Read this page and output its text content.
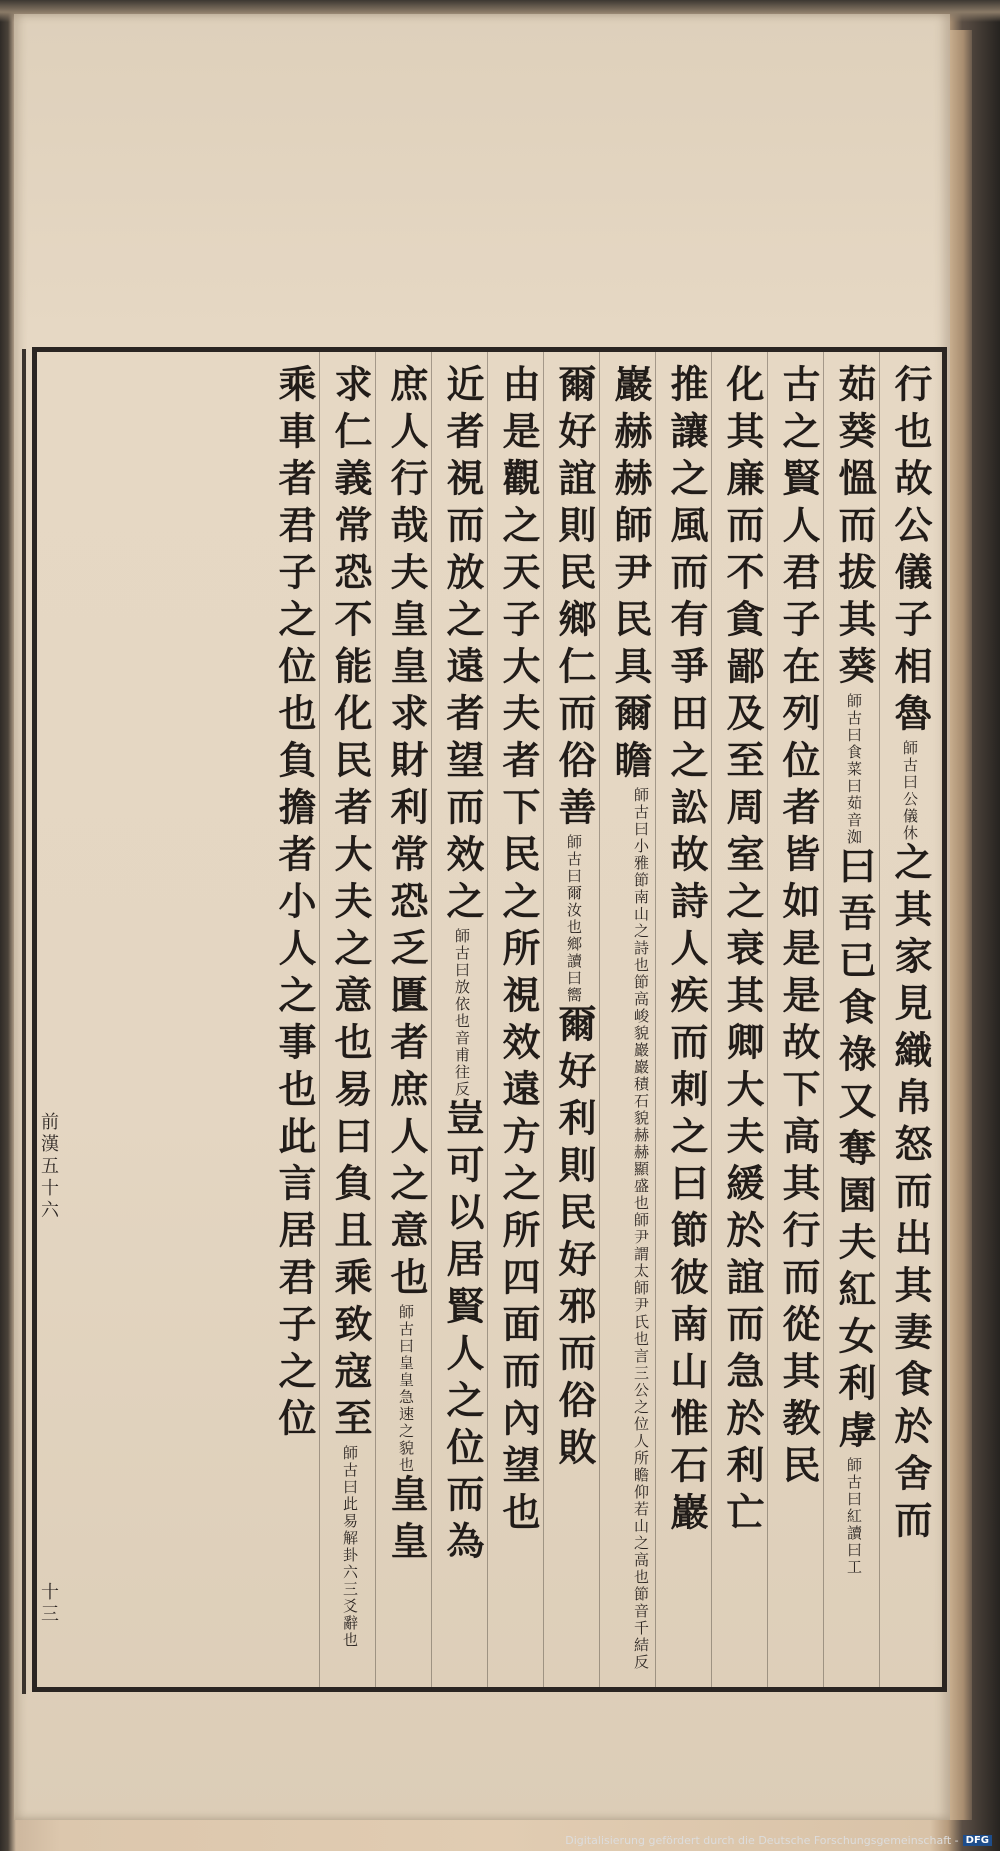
行也故公儀子相魯師古曰公儀休之其家見織帛怒而出其妻食於舍而
茹葵慍而拔其葵師古曰食菜曰茹音洳曰吾已食祿又奪園夫紅女利虖師古曰紅讀曰工
古之賢人君子在列位者皆如是是故下高其行而從其教民
化其廉而不貪鄙及至周室之衰其卿大夫緩於誼而急於利亡
推讓之風而有爭田之訟故詩人疾而刺之曰節彼南山惟石巖
巖赫赫師尹民具爾瞻師古曰小雅節南山之詩也節高峻貌巖巖積石貌赫赫顯盛也師尹謂太師尹氏也言三公之位人所瞻仰若山之高也節音千結反
爾好誼則民鄉仁而俗善師古曰爾汝也鄉讀曰嚮爾好利則民好邪而俗敗
由是觀之天子大夫者下民之所視效遠方之所四面而內望也
近者視而放之遠者望而效之師古曰放依也音甫往反豈可以居賢人之位而為
庶人行哉夫皇皇求財利常恐乏匱者庶人之意也師古曰皇皇急速之貌也皇皇
求仁義常恐不能化民者大夫之意也易曰負且乘致寇至師古曰此易解卦六三爻辭也
乘車者君子之位也負擔者小人之事也此言居君子之位
前漢五十六
十三
Digitalisierung gefördert durch die Deutsche Forschungsgemeinschaft - DFG
